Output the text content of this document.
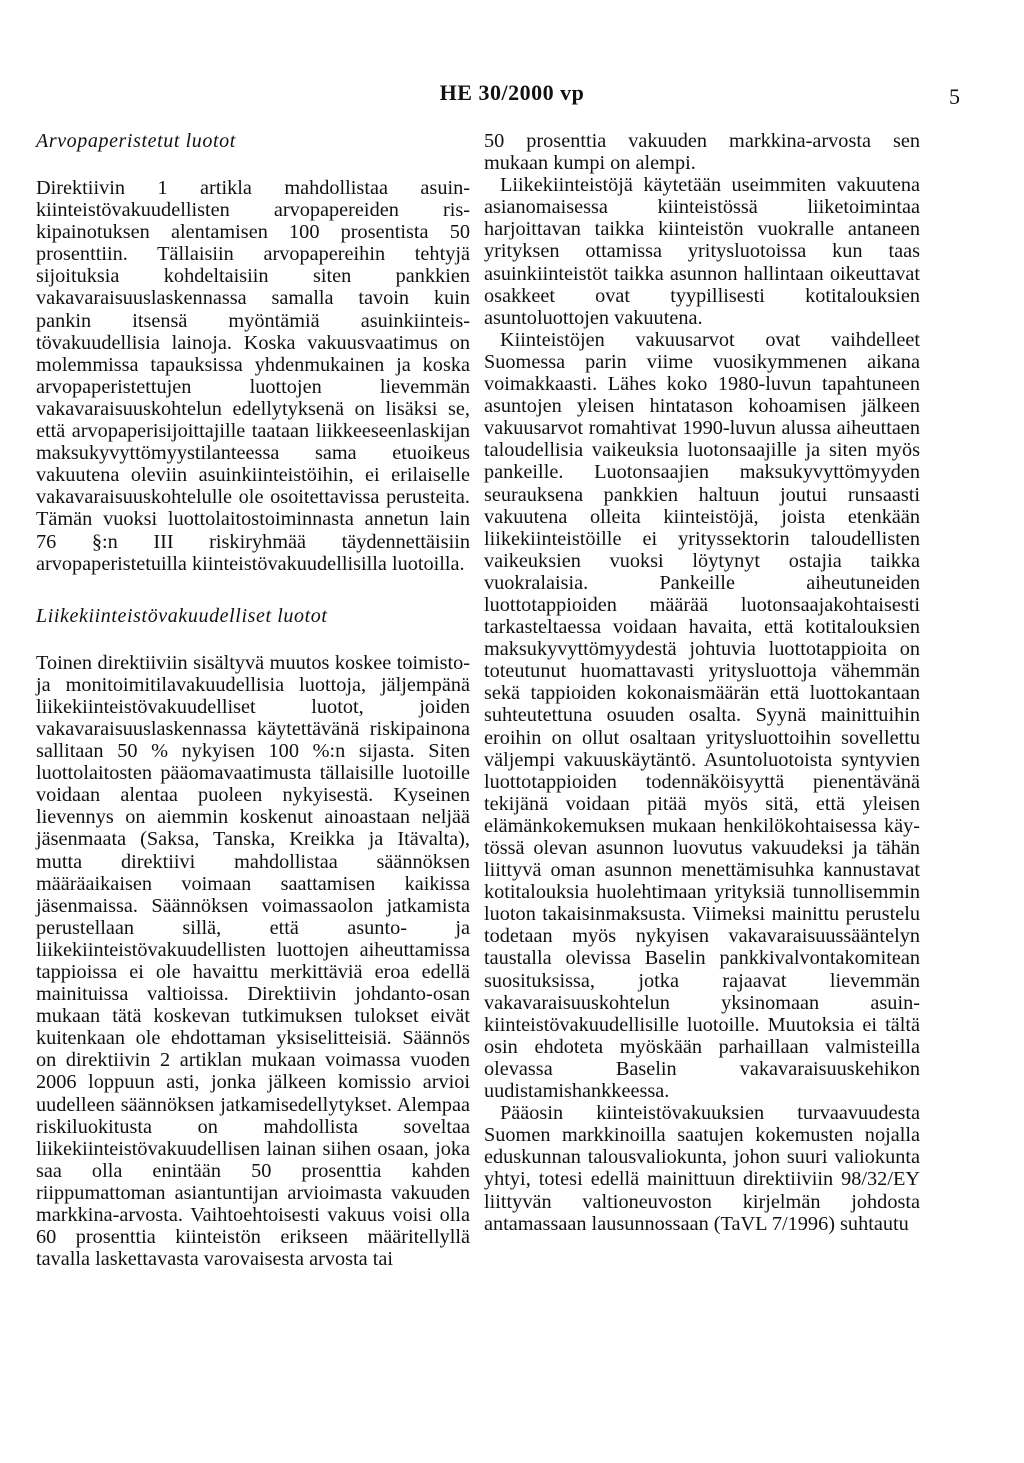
HE 30/2000 vp	5
Arvopaperistetut luotot

Direktiivin 1 artikla mahdollistaa asuinkiinteistövakuudellisten arvopapereiden riskipainotuksen alentamisen 100 prosentista 50 prosenttiin. Tällaisiin arvopapereihin tehtyjä sijoituksia kohdeltaisiin siten pankkien vakavaraisuuslaskennassa samalla tavoin kuin pankin itsensä myöntämiä asuinkiinteistövakuudellisia lainoja. Koska vakuusvaatimus on molemmissa tapauksissa yhdenmukainen ja koska arvopaperistettujen luottojen lievemmän vakavaraisuuskohtelun edellytyksenä on lisäksi se, että arvopaperisijoittajille taataan liikkeeseenlaskijan maksukyvyttömyystilanteessa sama etuoikeus vakuutena oleviin asuinkiinteistöihin, ei erilaiselle vakavaraisuuskohtelulle ole osoitettavissa perusteita. Tämän vuoksi luottolaitostoiminnasta annetun lain 76 §:n III riskiryhmää täydennettäisiin arvopaperistetuilla kiinteistövakuudellisilla luotoilla.

Liikekiinteistövakuudelliset luotot

Toinen direktiiviin sisältyvä muutos koskee toimisto- ja monitoimitilavakuudellisia luottoja, jäljempänä liikekiinteistövakuudelliset luotot, joiden vakavaraisuuslaskennassa käytettävänä riskipainona sallitaan 50 % nykyisen 100 %:n sijasta. Siten luottolaitosten pääomavaatimusta tällaisille luotoille voidaan alentaa puoleen nykyisestä. Kyseinen lievennys on aiemmin koskenut ainoastaan neljää jäsenmaata (Saksa, Tanska, Kreikka ja Itävalta), mutta direktiivi mahdollistaa säännöksen määräaikaisen voimaan saattamisen kaikissa jäsenmaissa. Säännöksen voimassaolon jatkamista perustellaan sillä, että asunto- ja liikekiinteistövakuudellisten luottojen aiheuttamissa tappioissa ei ole havaittu merkittäviä eroa edellä mainituissa valtioissa. Direktiivin johdanto-osan mukaan tätä koskevan tutkimuksen tulokset eivät kuitenkaan ole ehdottaman yksiselitteisiä. Säännös on direktiivin 2 artiklan mukaan voimassa vuoden 2006 loppuun asti, jonka jälkeen komissio arvioi uudelleen säännöksen jatkamisedellytykset. Alempaa riskiluokitusta on mahdollista soveltaa liikekiinteistövakuudellisen lainan siihen osaan, joka saa olla enintään 50 prosenttia kahden riippumattoman asiantuntijan arvioimasta vakuuden markkina-arvosta. Vaihtoehtoisesti vakuus voisi olla 60 prosenttia kiinteistön erikseen määritellyllä tavalla laskettavasta varovaisesta arvosta tai

50 prosenttia vakuuden markkina-arvosta sen mukaan kumpi on alempi.

Liikekiinteistöjä käytetään useimmiten vakuutena asianomaisessa kiinteistössä liiketoimintaa harjoittavan taikka kiinteistön vuokralle antaneen yrityksen ottamissa yritysluotoissa kun taas asuinkiinteistöt taikka asunnon hallintaan oikeuttavat osakkeet ovat tyypillisesti kotitalouksien asuntoluottojen vakuutena.

Kiinteistöjen vakuusarvot ovat vaihdelleet Suomessa parin viime vuosikymmenen aikana voimakkaasti. Lähes koko 1980-luvun tapahtuneen asuntojen yleisen hintatason kohoamisen jälkeen vakuusarvot romahtivat 1990-luvun alussa aiheuttaen taloudellisia vaikeuksia luotonsaajille ja siten myös pankeille. Luotonsaajien maksukyvyttömyyden seurauksena pankkien haltuun joutui runsaasti vakuutena olleita kiinteistöjä, joista etenkään liikekiinteistöille ei yrityssektorin taloudellisten vaikeuksien vuoksi löytynyt ostajia taikka vuokralaisia. Pankeille aiheutuneiden luottotappioiden määrää luotonsaajakohtaisesti tarkasteltaessa voidaan havaita, että kotitalouksien maksukyvyttömyydestä johtuvia luottotappioita on toteutunut huomattavasti yritysluottoja vähemmän sekä tappioiden kokonaismäärän että luottokantaan suhteutettuna osuuden osalta. Syynä mainittuihin eroihin on ollut osaltaan yritysluottoihin sovellettu väljempi vakuuskäytäntö. Asuntoluotoista syntyvien luottotappioiden todennäköisyyttä pienentävänä tekijänä voidaan pitää myös sitä, että yleisen elämänkokemuksen mukaan henkilökohtaisessa käytössä olevan asunnon luovutus vakuudeksi ja tähän liittyvä oman asunnon menettämisuhka kannustavat kotitalouksia huolehtimaan yrityksiä tunnollisemmin luoton takaisinmaksusta. Viimeksi mainittu perustelu todetaan myös nykyisen vakavaraisuussääntelyn taustalla olevissa Baselin pankkivalvontakomitean suosituksissa, jotka rajaavat lievemmän vakavaraisuuskohtelun yksinomaan asuinkiinteistövakuudellisille luotoille. Muutoksia ei tältä osin ehdoteta myöskään parhaillaan valmisteilla olevassa Baselin vakavaraisuuskehikon uudistamishankkeessa.

Pääosin kiinteistövakuuksien turvaavuudesta Suomen markkinoilla saatujen kokemusten nojalla eduskunnan talousvaliokunta, johon suuri valiokunta yhtyi, totesi edellä mainittuun direktiiviin 98/32/EY liittyvän valtioneuvoston kirjelmän johdosta antamassaan lausunnossaan (TaVL 7/1996) suhtautu
